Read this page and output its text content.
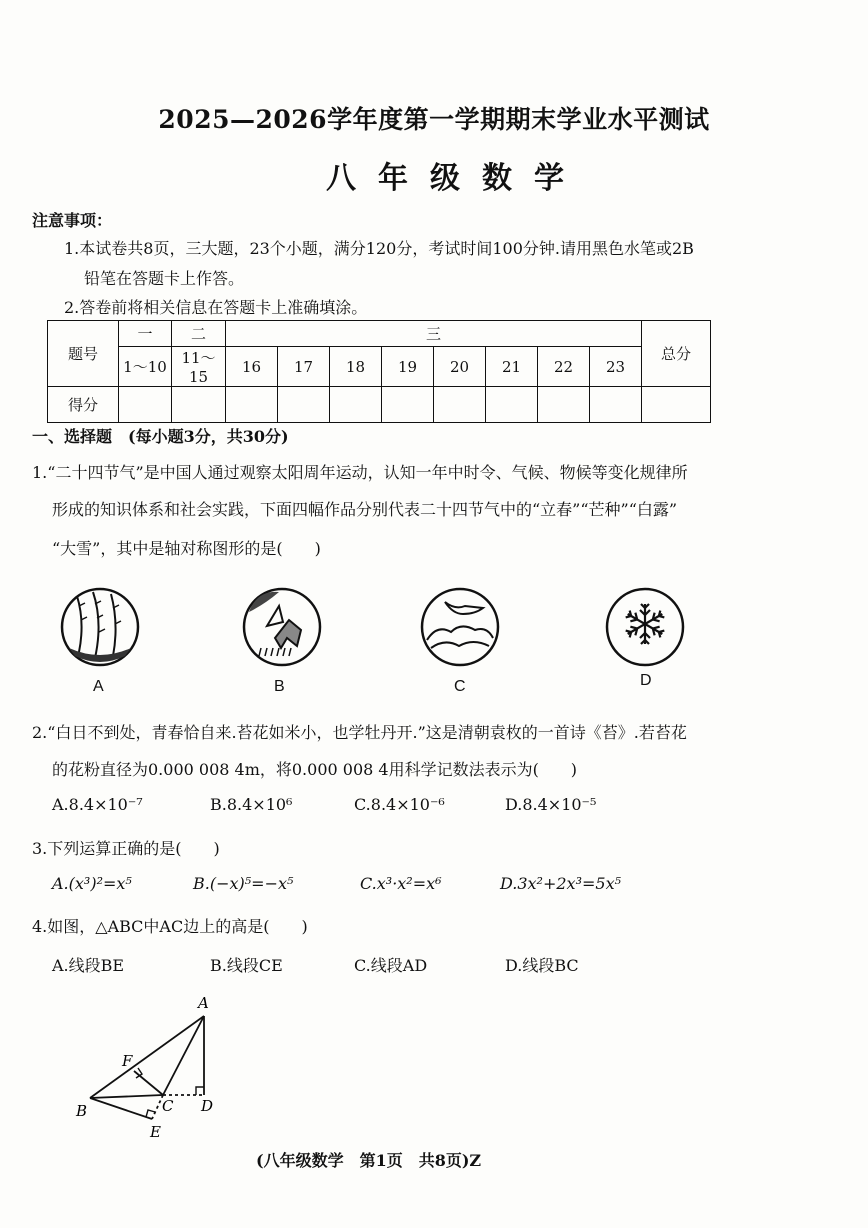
2025—2026学年度第一学期期末学业水平测试
八年级数学
注意事项：
1.本试卷共8页，三大题，23个小题，满分120分，考试时间100分钟.请用黑色水笔或2B
铅笔在答题卡上作答。
2.答卷前将相关信息在答题卡上准确填涂。
题号	一	二	三								总分
	1～10	11～15	16	17	18	19	20	21	22	23	
得分											
一、选择题　(每小题3分，共30分)
1.“二十四节气”是中国人通过观察太阳周年运动，认知一年中时令、气候、物候等变化规律所
形成的知识体系和社会实践，下面四幅作品分别代表二十四节气中的“立春”“芒种”“白露”
“大雪”，其中是轴对称图形的是(　　)
A	B	C	D
2.“白日不到处，青春恰自来.苔花如米小，也学牡丹开.”这是清朝袁枚的一首诗《苔》.若苔花
的花粉直径为0.000 008 4m，将0.000 008 4用科学记数法表示为(　　)
A.8.4×10⁻⁷	B.8.4×10⁶	C.8.4×10⁻⁶	D.8.4×10⁻⁵
3.下列运算正确的是(　　)
A.(x³)²=x⁵	B.(−x)⁵=−x⁵	C.x³·x²=x⁶	D.3x²+2x³=5x⁵
4.如图，△ABC中AC边上的高是(　　)
A.线段BE	B.线段CE	C.线段AD	D.线段BC
A
F
B	C D
E
(八年级数学　第1页　共8页)Z
